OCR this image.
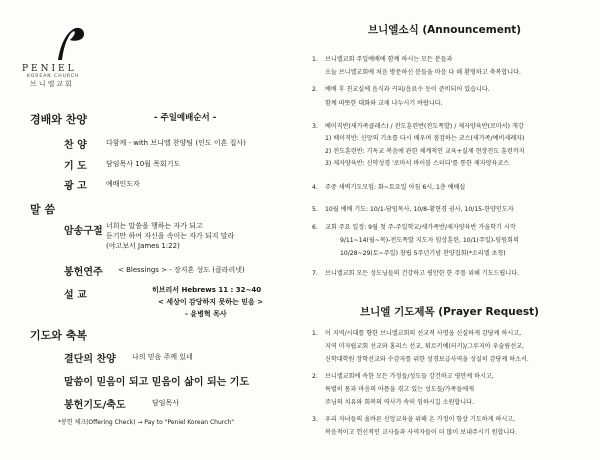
PENIEL
KOREAN CHURCH
브니엘교회
경배와 찬양	- 주일예배순서 -
찬 양	다함께 - with 브니엘 찬양팀 (인도 이혼 집사)
기 도	담임목사 10월 목회기도
광 고	예배인도자
말 씀
암송구절 너희는 말씀을 행하는 자가 되고
듣기만 하여 자신을 속이는 자가 되지 말라
(야고보서 James 1:22)
봉헌연주 < Blessings > - 장지혼 성도 (클라리넷)
설 교	히브리서 Hebrews 11 : 32~40
< 세상이 감당하지 못하는 믿음 >
- 윤병혁 목사
기도와 축복
결단의 찬양 나의 믿음 주께 있네
말씀이 믿음이 되고 믿음이 삶이 되는 기도
봉헌기도/축도	담임목사
*봉헌 체크(Offering Check) → Pay to "Peniel Korean Church"
브니엘소식 (Announcement)
1. 브니엘교회 주일예배에 함께 하시는 모든 분들과
오늘 브니엘교회에 처음 방문하신 분들을 마음 다 해 환영하고 축복합니다.
2. 예배 후 친교실에 음식과 커피/음료수 등이 준비되어 있습니다.
함께 따뜻한 대화와 교제 나누시기 바랍니다.
3. 베이직반(새가족클래스) / 전도훈련반(전도폭발) / 제자양육반(로마서) 개강
1) 베이직반: 신앙의 기초를 다시 배우며 점검하는 코스(새가족/예비세례자)
2) 전도훈련반: 기독교 복음에 관한 체계적인 교육+실제 현장전도 훈련까지
3) 제자양육반: 신약성경 '로마서 바이블 스터디'를 통한 제자양육코스
4. 주중 새벽기도모임: 화~토요일 아침 6시, 1층 예배실
5. 10월 예배 기도: 10/1-담임목사, 10/8-황현경 권사, 10/15-한양인도자
6. 교회 주요 일정: 9월 첫 주-주일학교/새가족반/제자양육반 가을학기 시작
9/11~14(월~목)-전도폭발 지도자 임상훈련, 10/1(주일)-임원회의
10/28~29(토~주일) 창립 5주년기념 찬양집회(*소리엘 초청)
7. 브니엘교회 모든 성도님들의 건강하고 평안한 한 주를 위해 기도드립니다.
브니엘 기도제목 (Prayer Request)
1. 이 지역/시대를 향한 브니엘교회의 선교적 사명을 신실하게 감당케 하시고,
지역 미자립교회 선교와 홍리스 선교, 튀르키예(터키)/그루지아 우술림선교,
신학대학원 장학선교와 수감자를 위한 성경보급사역을 성실히 감당케 하소서.
2. 브니엘교회에 속한 모든 가정들/성도들 강건하고 평안케 하시고,
특별히 몸과 마음의 아픔을 겪고 있는 성도들/가족들에게
주님의 치유와 회복의 역사가 속히 임하시길 소원합니다.
3. 우리 자녀들의 올바른 신앙교육을 위해 온 가정이 항상 기도하게 하시고,
복음적이고 헌신적인 교사들과 사역자들이 더 많이 보내주시기 원합니다.
